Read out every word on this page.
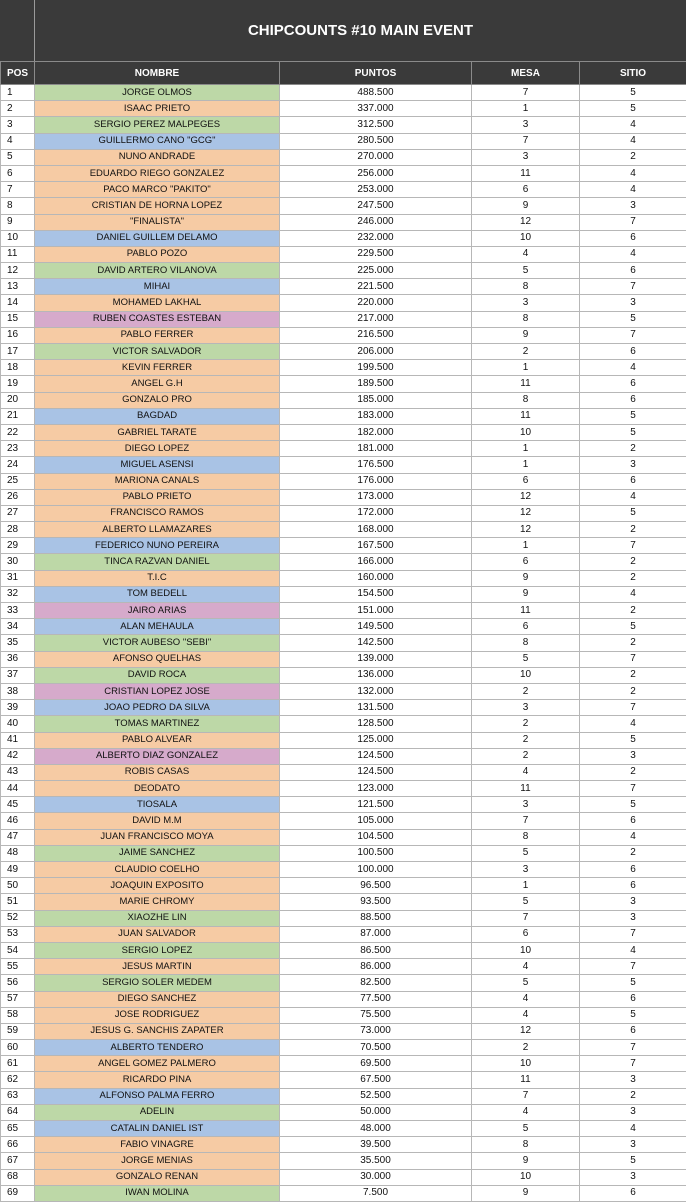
CHIPCOUNTS #10 MAIN EVENT
POS	NOMBRE	PUNTOS	MESA	SITIO
1	JORGE OLMOS	488.500	7	5
2	ISAAC PRIETO	337.000	1	5
3	SERGIO PEREZ MALPEGES	312.500	3	4
4	GUILLERMO CANO "GCG"	280.500	7	4
5	NUNO ANDRADE	270.000	3	2
6	EDUARDO RIEGO GONZALEZ	256.000	11	4
7	PACO MARCO "PAKITO"	253.000	6	4
8	CRISTIAN DE HORNA LOPEZ	247.500	9	3
9	"FINALISTA"	246.000	12	7
10	DANIEL GUILLEM DELAMO	232.000	10	6
11	PABLO POZO	229.500	4	4
12	DAVID ARTERO VILANOVA	225.000	5	6
13	MIHAI	221.500	8	7
14	MOHAMED LAKHAL	220.000	3	3
15	RUBEN COASTES ESTEBAN	217.000	8	5
16	PABLO FERRER	216.500	9	7
17	VICTOR SALVADOR	206.000	2	6
18	KEVIN FERRER	199.500	1	4
19	ANGEL G.H	189.500	11	6
20	GONZALO PRO	185.000	8	6
21	BAGDAD	183.000	11	5
22	GABRIEL TARATE	182.000	10	5
23	DIEGO LOPEZ	181.000	1	2
24	MIGUEL ASENSI	176.500	1	3
25	MARIONA CANALS	176.000	6	6
26	PABLO PRIETO	173.000	12	4
27	FRANCISCO RAMOS	172.000	12	5
28	ALBERTO LLAMAZARES	168.000	12	2
29	FEDERICO NUNO PEREIRA	167.500	1	7
30	TINCA RAZVAN DANIEL	166.000	6	2
31	T.I.C	160.000	9	2
32	TOM BEDELL	154.500	9	4
33	JAIRO ARIAS	151.000	11	2
34	ALAN MEHAULA	149.500	6	5
35	VICTOR AUBESO "SEBI"	142.500	8	2
36	AFONSO QUELHAS	139.000	5	7
37	DAVID ROCA	136.000	10	2
38	CRISTIAN LOPEZ JOSE	132.000	2	2
39	JOAO PEDRO DA SILVA	131.500	3	7
40	TOMAS MARTINEZ	128.500	2	4
41	PABLO ALVEAR	125.000	2	5
42	ALBERTO DIAZ GONZALEZ	124.500	2	3
43	ROBIS CASAS	124.500	4	2
44	DEODATO	123.000	11	7
45	TIOSALA	121.500	3	5
46	DAVID M.M	105.000	7	6
47	JUAN FRANCISCO MOYA	104.500	8	4
48	JAIME SANCHEZ	100.500	5	2
49	CLAUDIO COELHO	100.000	3	6
50	JOAQUIN EXPOSITO	96.500	1	6
51	MARIE CHROMY	93.500	5	3
52	XIAOZHE LIN	88.500	7	3
53	JUAN SALVADOR	87.000	6	7
54	SERGIO LOPEZ	86.500	10	4
55	JESUS MARTIN	86.000	4	7
56	SERGIO SOLER MEDEM	82.500	5	5
57	DIEGO SANCHEZ	77.500	4	6
58	JOSE RODRIGUEZ	75.500	4	5
59	JESUS G. SANCHIS ZAPATER	73.000	12	6
60	ALBERTO TENDERO	70.500	2	7
61	ANGEL GOMEZ PALMERO	69.500	10	7
62	RICARDO PINA	67.500	11	3
63	ALFONSO PALMA FERRO	52.500	7	2
64	ADELIN	50.000	4	3
65	CATALIN DANIEL IST	48.000	5	4
66	FABIO VINAGRE	39.500	8	3
67	JORGE MENIAS	35.500	9	5
68	GONZALO RENAN	30.000	10	3
69	IWAN MOLINA	7.500	9	6
